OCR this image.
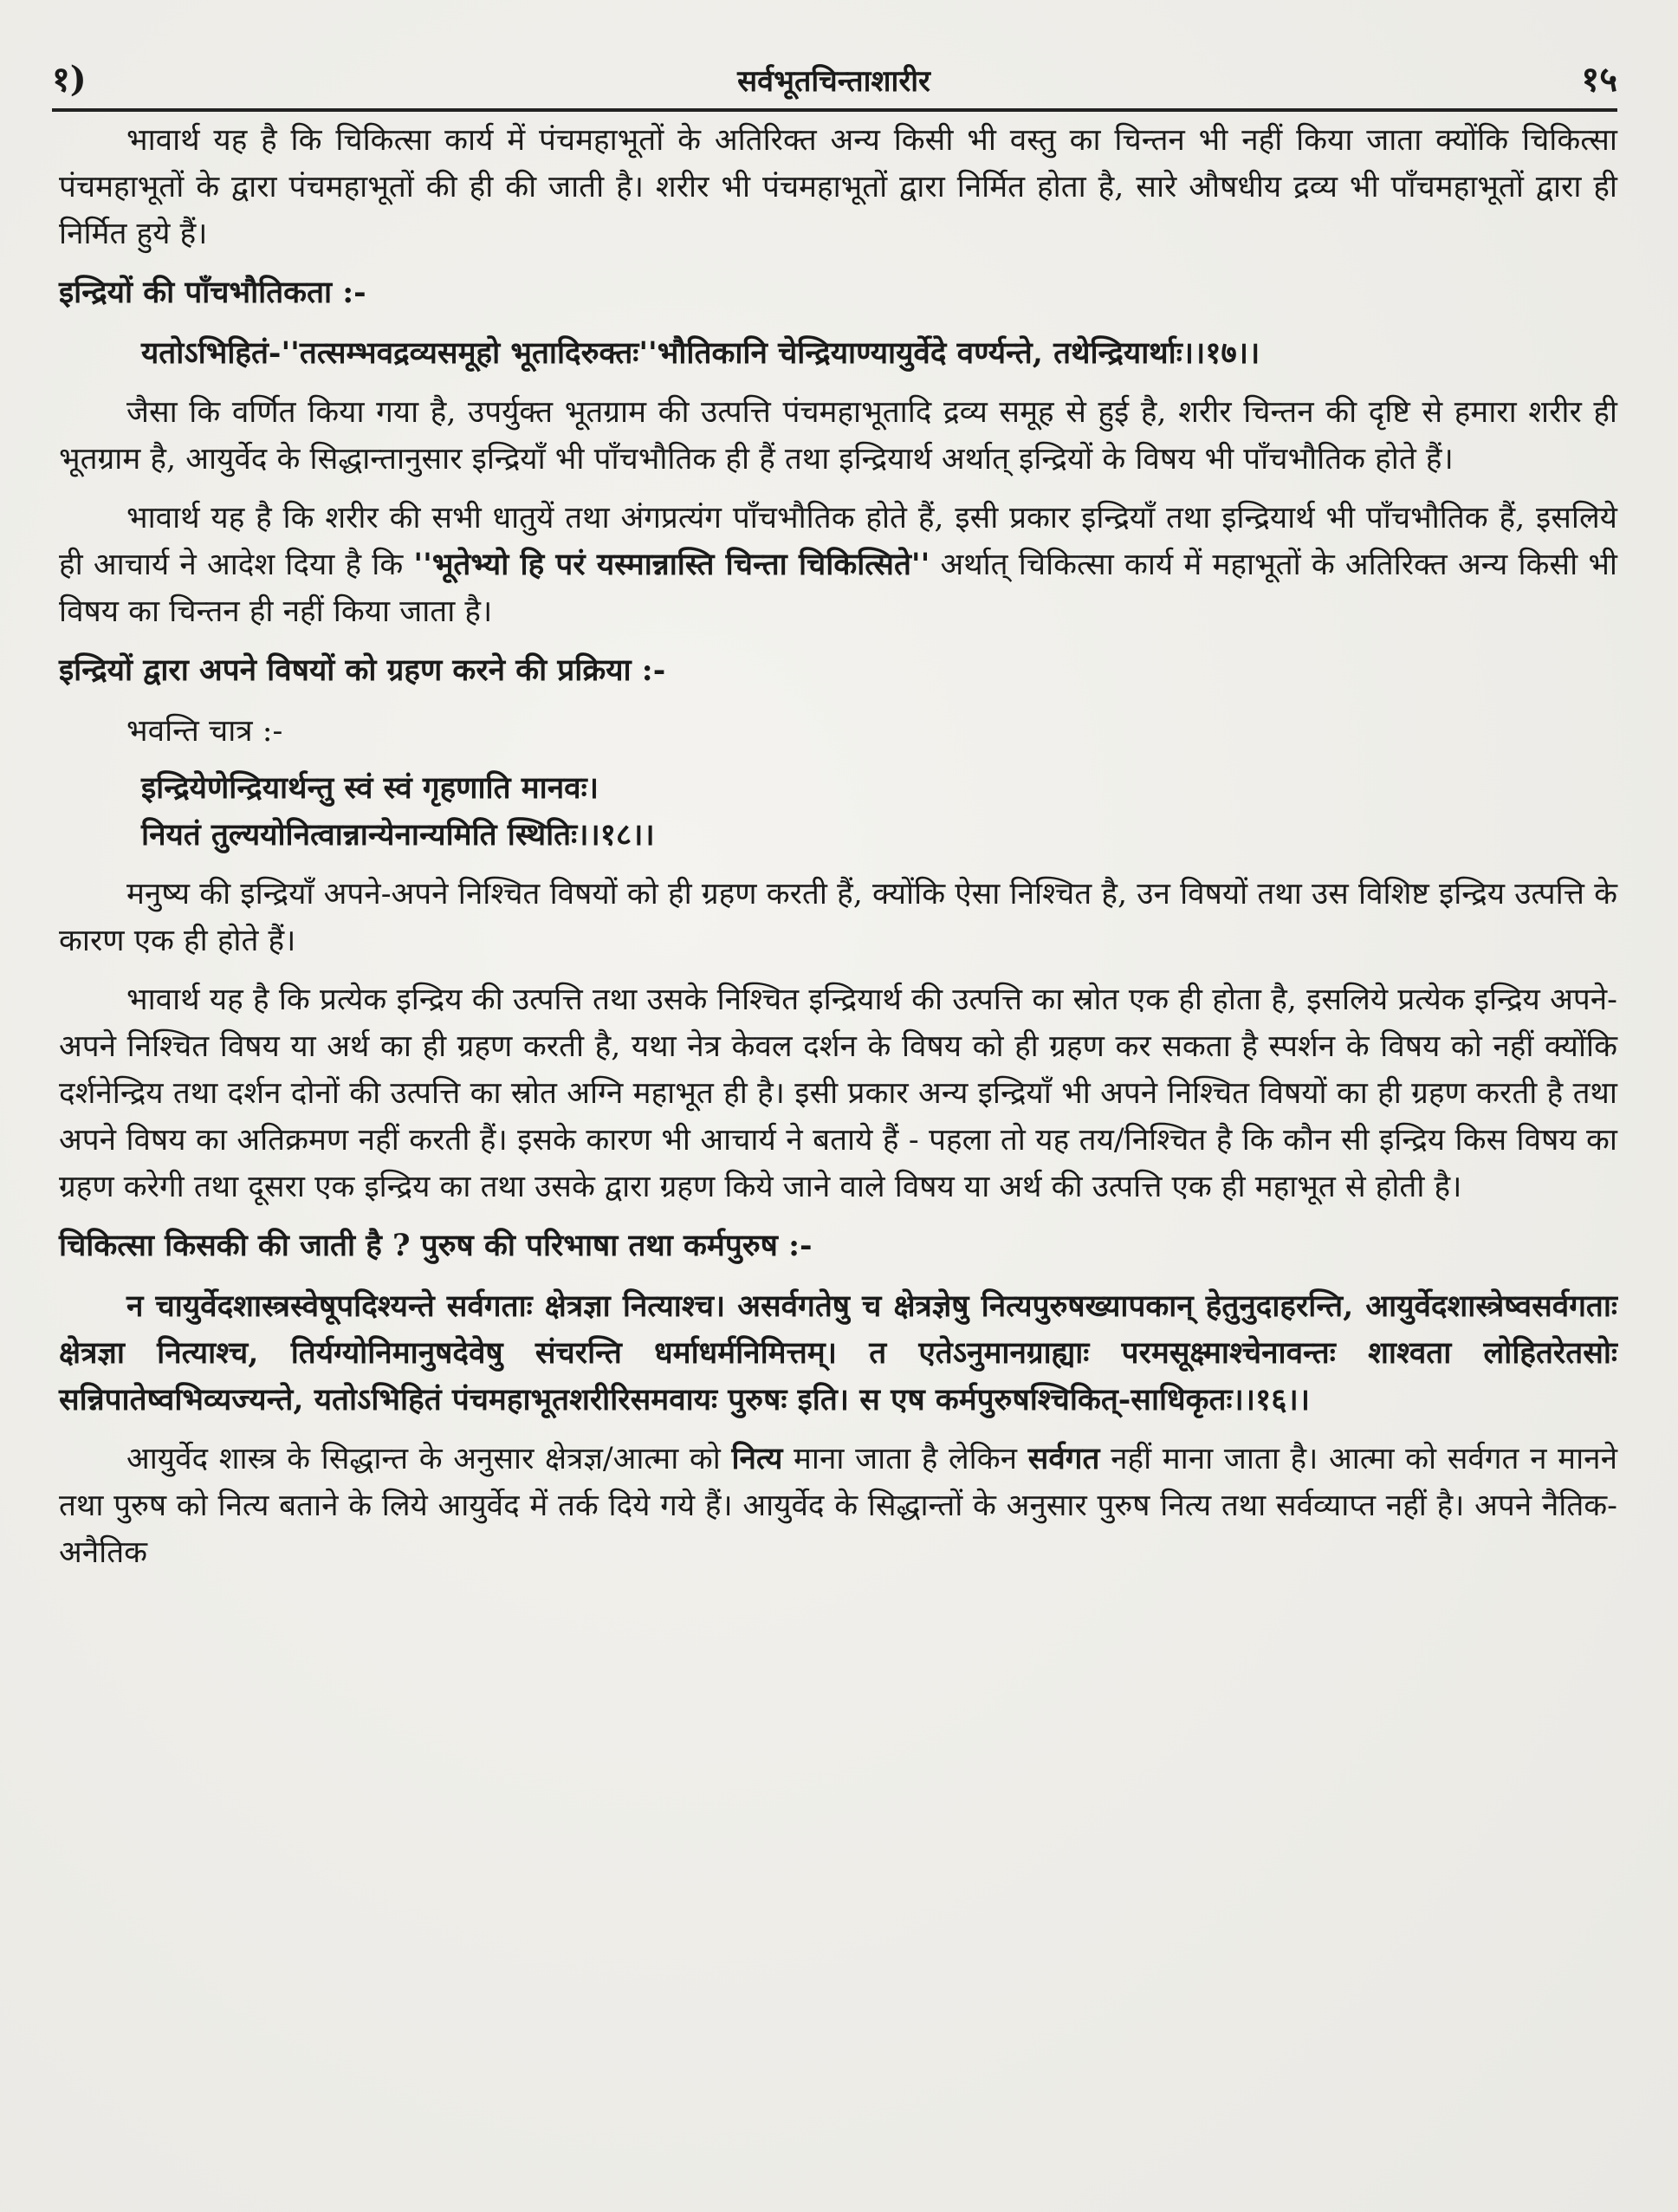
१)	सर्वभूतचिन्ताशारीर	१५

भावार्थ यह है कि चिकित्सा कार्य में पंचमहाभूतों के अतिरिक्त अन्य किसी भी वस्तु का चिन्तन भी नहीं किया जाता क्योंकि चिकित्सा पंचमहाभूतों के द्वारा पंचमहाभूतों की ही की जाती है। शरीर भी पंचमहाभूतों द्वारा निर्मित होता है, सारे औषधीय द्रव्य भी पाँचमहाभूतों द्वारा ही निर्मित हुये हैं।

इन्द्रियों की पाँचभौतिकता :-

यतोऽभिहितं-''तत्सम्भवद्रव्यसमूहो भूतादिरुक्तः''भौतिकानि चेन्द्रियाण्यायुर्वेदे वर्ण्यन्ते, तथेन्द्रियार्थाः।।१७।।

जैसा कि वर्णित किया गया है, उपर्युक्त भूतग्राम की उत्पत्ति पंचमहाभूतादि द्रव्य समूह से हुई है, शरीर चिन्तन की दृष्टि से हमारा शरीर ही भूतग्राम है, आयुर्वेद के सिद्धान्तानुसार इन्द्रियाँ भी पाँचभौतिक ही हैं तथा इन्द्रियार्थ अर्थात् इन्द्रियों के विषय भी पाँचभौतिक होते हैं।

भावार्थ यह है कि शरीर की सभी धातुयें तथा अंगप्रत्यंग पाँचभौतिक होते हैं, इसी प्रकार इन्द्रियाँ तथा इन्द्रियार्थ भी पाँचभौतिक हैं, इसलिये ही आचार्य ने आदेश दिया है कि ''भूतेभ्यो हि परं यस्मान्नास्ति चिन्ता चिकित्सिते'' अर्थात् चिकित्सा कार्य में महाभूतों के अतिरिक्त अन्य किसी भी विषय का चिन्तन ही नहीं किया जाता है।

इन्द्रियों द्वारा अपने विषयों को ग्रहण करने की प्रक्रिया :-

भवन्ति चात्र :-

इन्द्रियेणेन्द्रियार्थन्तु स्वं स्वं गृहणाति मानवः।
नियतं तुल्ययोनित्वान्नान्येनान्यमिति स्थितिः।।१८।।

मनुष्य की इन्द्रियाँ अपने-अपने निश्चित विषयों को ही ग्रहण करती हैं, क्योंकि ऐसा निश्चित है, उन विषयों तथा उस विशिष्ट इन्द्रिय उत्पत्ति के कारण एक ही होते हैं।

भावार्थ यह है कि प्रत्येक इन्द्रिय की उत्पत्ति तथा उसके निश्चित इन्द्रियार्थ की उत्पत्ति का स्रोत एक ही होता है, इसलिये प्रत्येक इन्द्रिय अपने-अपने निश्चित विषय या अर्थ का ही ग्रहण करती है, यथा नेत्र केवल दर्शन के विषय को ही ग्रहण कर सकता है स्पर्शन के विषय को नहीं क्योंकि दर्शनेन्द्रिय तथा दर्शन दोनों की उत्पत्ति का स्रोत अग्नि महाभूत ही है। इसी प्रकार अन्य इन्द्रियाँ भी अपने निश्चित विषयों का ही ग्रहण करती है तथा अपने विषय का अतिक्रमण नहीं करती हैं। इसके कारण भी आचार्य ने बताये हैं - पहला तो यह तय/निश्चित है कि कौन सी इन्द्रिय किस विषय का ग्रहण करेगी तथा दूसरा एक इन्द्रिय का तथा उसके द्वारा ग्रहण किये जाने वाले विषय या अर्थ की उत्पत्ति एक ही महाभूत से होती है।

चिकित्सा किसकी की जाती है ? पुरुष की परिभाषा तथा कर्मपुरुष :-

न चायुर्वेदशास्त्रस्वेषूपदिश्यन्ते सर्वगताः क्षेत्रज्ञा नित्याश्च। असर्वगतेषु च क्षेत्रज्ञेषु नित्यपुरुषख्यापकान् हेतुनुदाहरन्ति, आयुर्वेदशास्त्रेष्वसर्वगताः क्षेत्रज्ञा नित्याश्च, तिर्यग्योनिमानुषदेवेषु संचरन्ति धर्माधर्मनिमित्तम्। त एतेऽनुमानग्राह्याः परमसूक्ष्माश्चेनावन्तः शाश्वता लोहितरेतसोः सन्निपातेष्वभिव्यज्यन्ते, यतोऽभिहितं पंचमहाभूतशरीरिसमवायः पुरुषः इति। स एष कर्मपुरुषश्चिकित्-साधिकृतः।।१६।।

आयुर्वेद शास्त्र के सिद्धान्त के अनुसार क्षेत्रज्ञ/आत्मा को नित्य माना जाता है लेकिन सर्वगत नहीं माना जाता है। आत्मा को सर्वगत न मानने तथा पुरुष को नित्य बताने के लिये आयुर्वेद में तर्क दिये गये हैं। आयुर्वेद के सिद्धान्तों के अनुसार पुरुष नित्य तथा सर्वव्याप्त नहीं है। अपने नैतिक-अनैतिक
